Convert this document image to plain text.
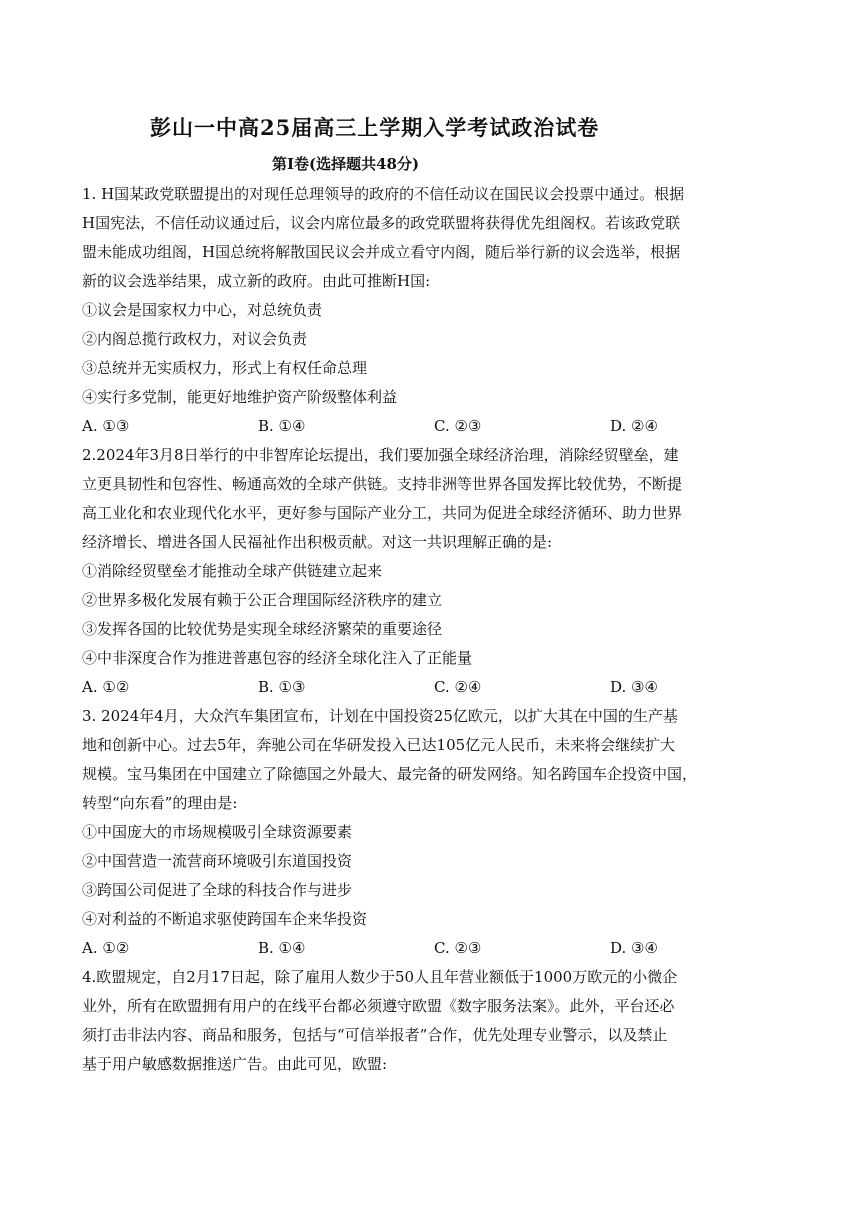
彭山一中高25届高三上学期入学考试政治试卷
第Ⅰ卷(选择题共48分)
1. H国某政党联盟提出的对现任总理领导的政府的不信任动议在国民议会投票中通过。根据
H国宪法，不信任动议通过后，议会内席位最多的政党联盟将获得优先组阁权。若该政党联
盟未能成功组阁，H国总统将解散国民议会并成立看守内阁，随后举行新的议会选举，根据
新的议会选举结果，成立新的政府。由此可推断H国:
①议会是国家权力中心，对总统负责
②内阁总揽行政权力，对议会负责
③总统并无实质权力，形式上有权任命总理
④实行多党制，能更好地维护资产阶级整体利益
A. ①③	B. ①④	C. ②③	D. ②④
2.2024年3月8日举行的中非智库论坛提出，我们要加强全球经济治理，消除经贸壁垒，建
立更具韧性和包容性、畅通高效的全球产供链。支持非洲等世界各国发挥比较优势，不断提
高工业化和农业现代化水平，更好参与国际产业分工，共同为促进全球经济循环、助力世界
经济增长、增进各国人民福祉作出积极贡献。对这一共识理解正确的是:
①消除经贸壁垒才能推动全球产供链建立起来
②世界多极化发展有赖于公正合理国际经济秩序的建立
③发挥各国的比较优势是实现全球经济繁荣的重要途径
④中非深度合作为推进普惠包容的经济全球化注入了正能量
A. ①②	B. ①③	C. ②④	D. ③④
3. 2024年4月，大众汽车集团宣布，计划在中国投资25亿欧元，以扩大其在中国的生产基
地和创新中心。过去5年，奔驰公司在华研发投入已达105亿元人民币，未来将会继续扩大
规模。宝马集团在中国建立了除德国之外最大、最完备的研发网络。知名跨国车企投资中国，
转型“向东看”的理由是:
①中国庞大的市场规模吸引全球资源要素
②中国营造一流营商环境吸引东道国投资
③跨国公司促进了全球的科技合作与进步
④对利益的不断追求驱使跨国车企来华投资
A. ①②	B. ①④	C. ②③	D. ③④
4.欧盟规定，自2月17日起，除了雇用人数少于50人且年营业额低于1000万欧元的小微企
业外，所有在欧盟拥有用户的在线平台都必须遵守欧盟《数字服务法案》。此外，平台还必
须打击非法内容、商品和服务，包括与“可信举报者”合作，优先处理专业警示，以及禁止
基于用户敏感数据推送广告。由此可见，欧盟:
